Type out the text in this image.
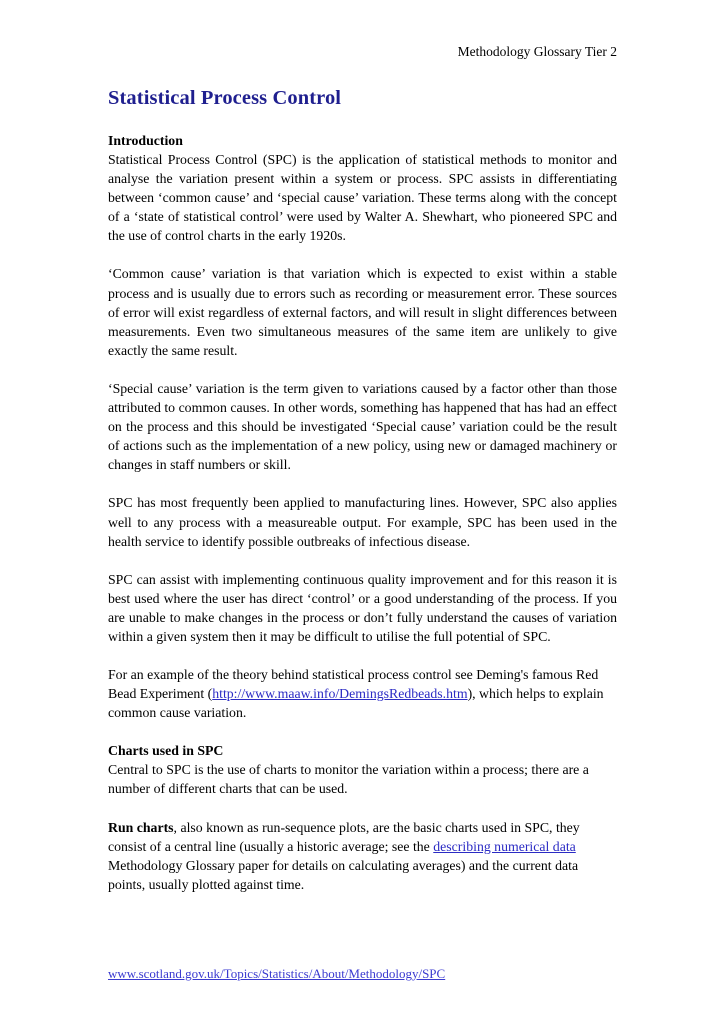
Methodology Glossary Tier 2
Statistical Process Control
Introduction

Statistical Process Control (SPC) is the application of statistical methods to monitor and analyse the variation present within a system or process. SPC assists in differentiating between ‘common cause’ and ‘special cause’ variation. These terms along with the concept of a ‘state of statistical control’ were used by Walter A. Shewhart, who pioneered SPC and the use of control charts in the early 1920s.

‘Common cause’ variation is that variation which is expected to exist within a stable process and is usually due to errors such as recording or measurement error. These sources of error will exist regardless of external factors, and will result in slight differences between measurements. Even two simultaneous measures of the same item are unlikely to give exactly the same result.

‘Special cause’ variation is the term given to variations caused by a factor other than those attributed to common causes. In other words, something has happened that has had an effect on the process and this should be investigated ‘Special cause’ variation could be the result of actions such as the implementation of a new policy, using new or damaged machinery or changes in staff numbers or skill.

SPC has most frequently been applied to manufacturing lines. However, SPC also applies well to any process with a measureable output. For example, SPC has been used in the health service to identify possible outbreaks of infectious disease.

SPC can assist with implementing continuous quality improvement and for this reason it is best used where the user has direct ‘control’ or a good understanding of the process. If you are unable to make changes in the process or don’t fully understand the causes of variation within a given system then it may be difficult to utilise the full potential of SPC.

For an example of the theory behind statistical process control see Deming's famous Red Bead Experiment (http://www.maaw.info/DemingsRedbeads.htm), which helps to explain common cause variation.

Charts used in SPC

Central to SPC is the use of charts to monitor the variation within a process; there are a number of different charts that can be used.

Run charts, also known as run-sequence plots, are the basic charts used in SPC, they consist of a central line (usually a historic average; see the describing numerical data Methodology Glossary paper for details on calculating averages) and the current data points, usually plotted against time.

www.scotland.gov.uk/Topics/Statistics/About/Methodology/SPC
